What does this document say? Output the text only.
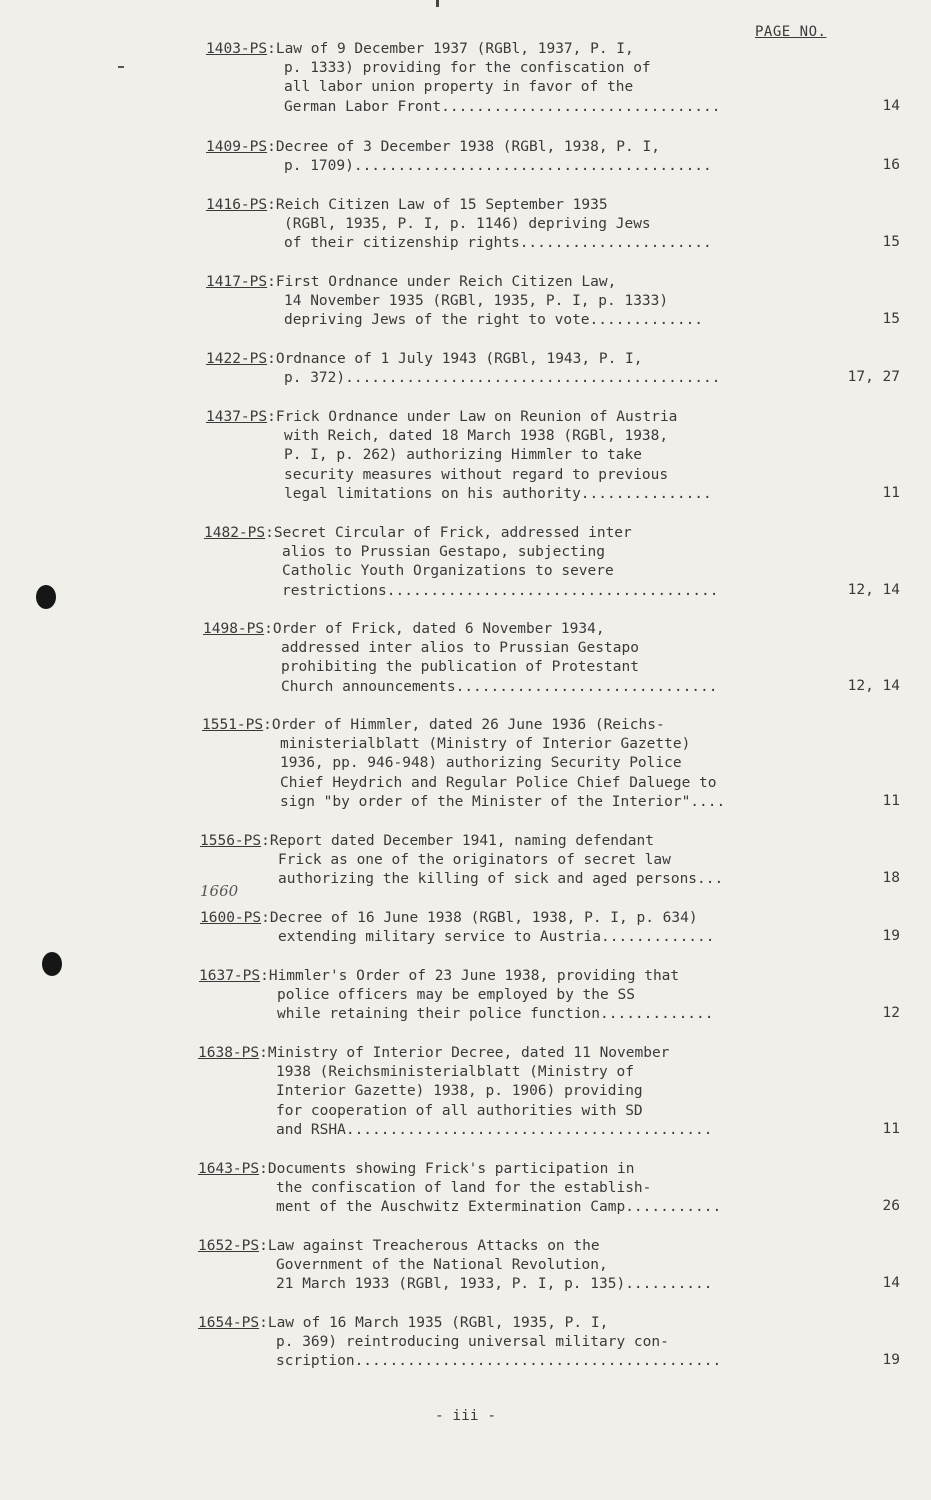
PAGE NO.
1403-PS:Law of 9 December 1937 (RGBl, 1937, P. I,
p. 1333) providing for the confiscation of
all labor union property in favor of the
German Labor Front................................	14
1409-PS:Decree of 3 December 1938 (RGBl, 1938, P. I,
p. 1709).........................................	16
1416-PS:Reich Citizen Law of 15 September 1935
(RGBl, 1935, P. I, p. 1146) depriving Jews
of their citizenship rights......................	15
1417-PS:First Ordnance under Reich Citizen Law,
14 November 1935 (RGBl, 1935, P. I, p. 1333)
depriving Jews of the right to vote.............	15
1422-PS:Ordnance of 1 July 1943 (RGBl, 1943, P. I,
p. 372)...........................................	17, 27
1437-PS:Frick Ordnance under Law on Reunion of Austria
with Reich, dated 18 March 1938 (RGBl, 1938,
P. I, p. 262) authorizing Himmler to take
security measures without regard to previous
legal limitations on his authority...............	11
1482-PS:Secret Circular of Frick, addressed inter
alios to Prussian Gestapo, subjecting
Catholic Youth Organizations to severe
restrictions......................................	12, 14
1498-PS:Order of Frick, dated 6 November 1934,
addressed inter alios to Prussian Gestapo
prohibiting the publication of Protestant
Church announcements..............................	12, 14
1551-PS:Order of Himmler, dated 26 June 1936 (Reichs-
ministerialblatt (Ministry of Interior Gazette)
1936, pp. 946-948) authorizing Security Police
Chief Heydrich and Regular Police Chief Daluege to
sign "by order of the Minister of the Interior"....	11
1556-PS:Report dated December 1941, naming defendant
Frick as one of the originators of secret law
authorizing the killing of sick and aged persons...	18
1600-PS:Decree of 16 June 1938 (RGBl, 1938, P. I, p. 634)
extending military service to Austria.............	19
1637-PS:Himmler's Order of 23 June 1938, providing that
police officers may be employed by the SS
while retaining their police function.............	12
1638-PS:Ministry of Interior Decree, dated 11 November
1938 (Reichsministerialblatt (Ministry of
Interior Gazette) 1938, p. 1906) providing
for cooperation of all authorities with SD
and RSHA..........................................	11
1643-PS:Documents showing Frick's participation in
the confiscation of land for the establish-
ment of the Auschwitz Extermination Camp...........	26
1652-PS:Law against Treacherous Attacks on the
Government of the National Revolution,
21 March 1933 (RGBl, 1933, P. I, p. 135)..........	14
1654-PS:Law of 16 March 1935 (RGBl, 1935, P. I,
p. 369) reintroducing universal military con-
scription..........................................	19
1660
- iii -
